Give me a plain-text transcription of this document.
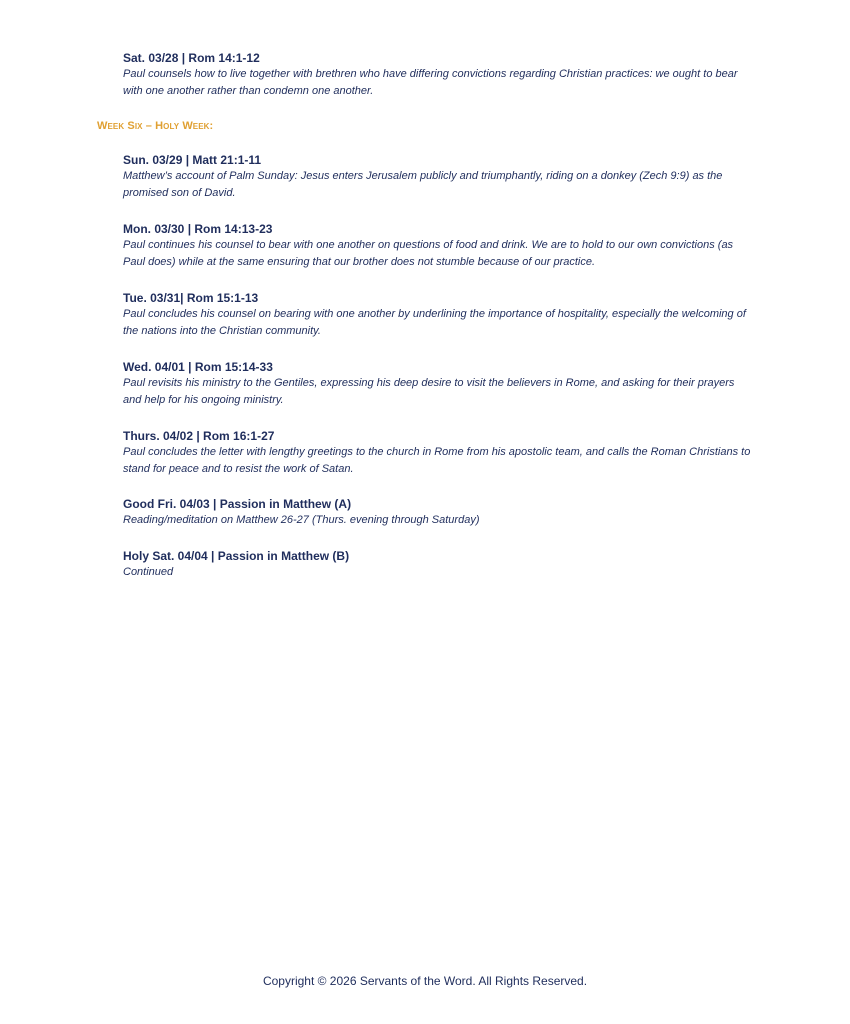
Sat. 03/28 | Rom 14:1-12
Paul counsels how to live together with brethren who have differing convictions regarding Christian practices: we ought to bear with one another rather than condemn one another.
Week Six – Holy Week:
Sun. 03/29 | Matt 21:1-11
Matthew’s account of Palm Sunday: Jesus enters Jerusalem publicly and triumphantly, riding on a donkey (Zech 9:9) as the promised son of David.
Mon. 03/30 | Rom 14:13-23
Paul continues his counsel to bear with one another on questions of food and drink. We are to hold to our own convictions (as Paul does) while at the same ensuring that our brother does not stumble because of our practice.
Tue. 03/31| Rom 15:1-13
Paul concludes his counsel on bearing with one another by underlining the importance of hospitality, especially the welcoming of the nations into the Christian community.
Wed. 04/01 | Rom 15:14-33
Paul revisits his ministry to the Gentiles, expressing his deep desire to visit the believers in Rome, and asking for their prayers and help for his ongoing ministry.
Thurs. 04/02 | Rom 16:1-27
Paul concludes the letter with lengthy greetings to the church in Rome from his apostolic team, and calls the Roman Christians to stand for peace and to resist the work of Satan.
Good Fri. 04/03 | Passion in Matthew (A)
Reading/meditation on Matthew 26-27 (Thurs. evening through Saturday)
Holy Sat. 04/04 | Passion in Matthew (B)
Continued
Copyright © 2026 Servants of the Word. All Rights Reserved.
